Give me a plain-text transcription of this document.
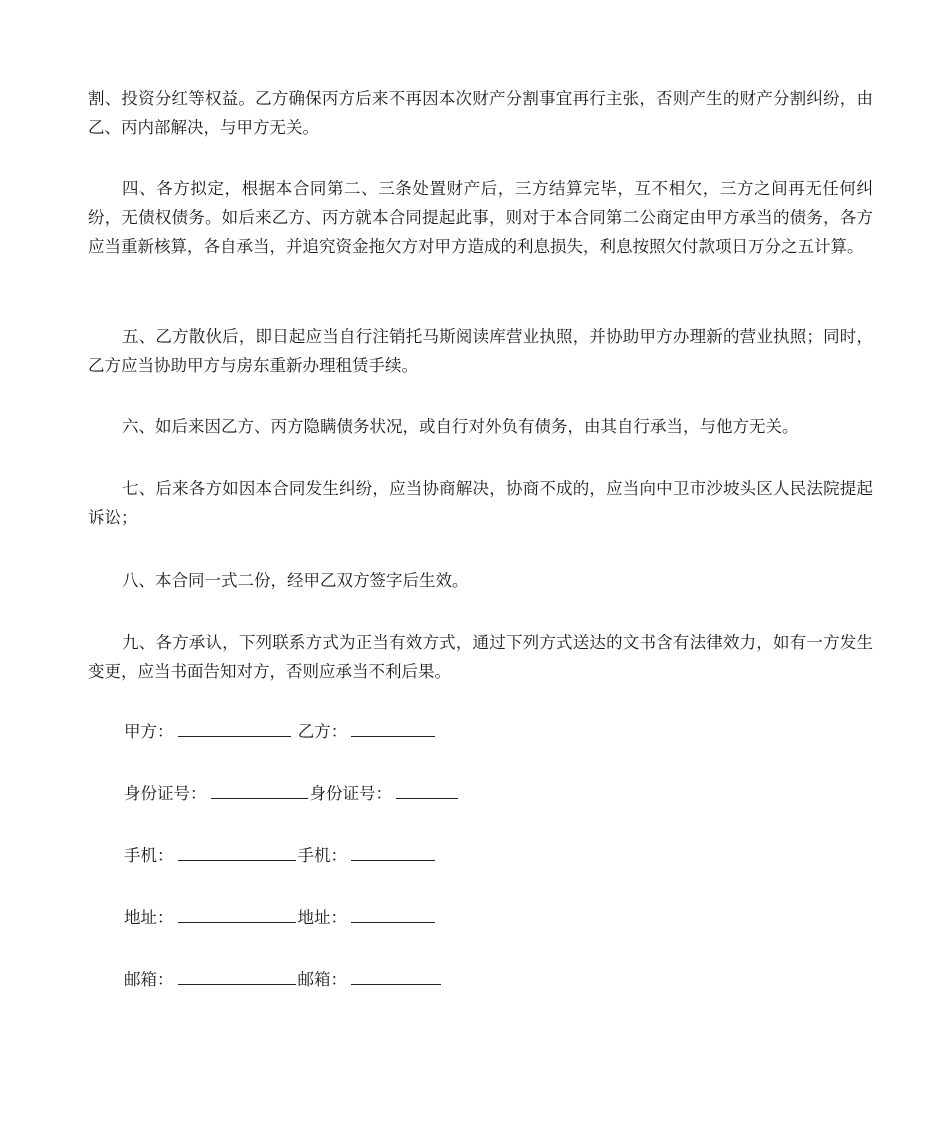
割、投资分红等权益。乙方确保丙方后来不再因本次财产分割事宜再行主张，否则产生的财产分割纠纷，由乙、丙内部解决，与甲方无关。

四、各方拟定，根据本合同第二、三条处置财产后，三方结算完毕，互不相欠，三方之间再无任何纠纷，无债权债务。如后来乙方、丙方就本合同提起此事，则对于本合同第二公商定由甲方承当的债务，各方应当重新核算，各自承当，并追究资金拖欠方对甲方造成的利息损失，利息按照欠付款项日万分之五计算。

五、乙方散伙后，即日起应当自行注销托马斯阅读库营业执照，并协助甲方办理新的营业执照；同时，乙方应当协助甲方与房东重新办理租赁手续。

六、如后来因乙方、丙方隐瞒债务状况，或自行对外负有债务，由其自行承当，与他方无关。

七、后来各方如因本合同发生纠纷，应当协商解决，协商不成的，应当向中卫市沙坡头区人民法院提起诉讼；

八、本合同一式二份，经甲乙双方签字后生效。

九、各方承认，下列联系方式为正当有效方式，通过下列方式送达的文书含有法律效力，如有一方发生变更，应当书面告知对方，否则应承当不利后果。

甲方：	乙方：
身份证号：	身份证号：
手机：	手机：
地址：	地址：
邮箱：	邮箱：
